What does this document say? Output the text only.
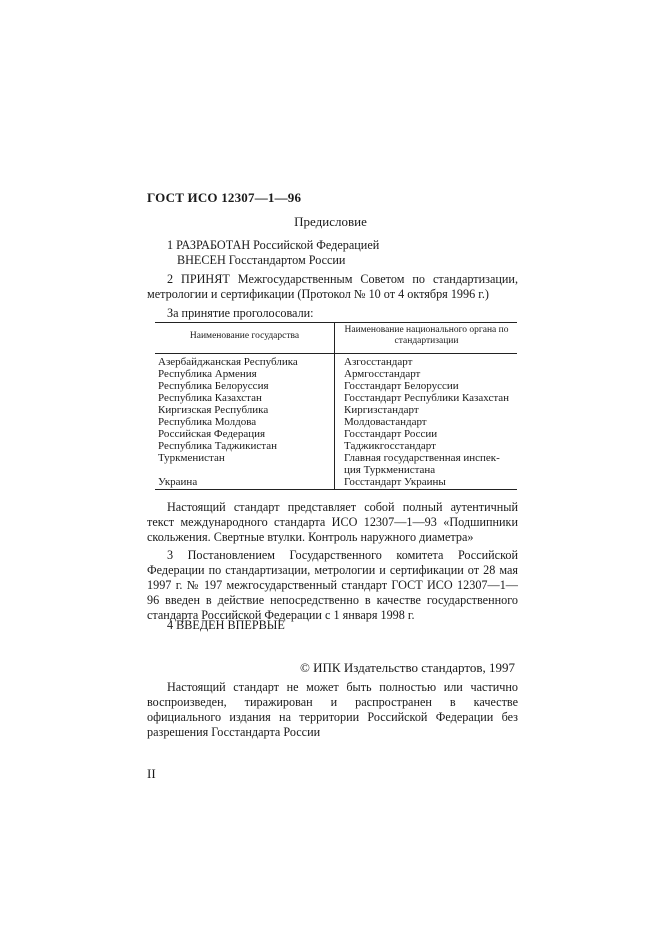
ГОСТ ИСО 12307—1—96
Предисловие

1 РАЗРАБОТАН Российской Федерацией

ВНЕСЕН Госстандартом России

2 ПРИНЯТ Межгосударственным Советом по стандартизации, метрологии и сертификации (Протокол № 10 от 4 октября 1996 г.)

За принятие проголосовали:

Наименование государства
Наименование национального органа по стандартизации
Азербайджанская Республика
Республика Армения
Республика Белоруссия
Республика Казахстан
Киргизская Республика
Республика Молдова
Российская Федерация
Республика Таджикистан
Туркменистан
Украина
Азгосстандарт
Армгосстандарт
Госстандарт Белоруссии
Госстандарт Республики Казахстан
Киргизстандарт
Молдовастандарт
Госстандарт России
Таджикгосстандарт
Главная государственная инспек-
ция Туркменистана
Госстандарт Украины

Настоящий стандарт представляет собой полный аутентичный текст международного стандарта ИСО 12307—1—93 «Подшипники скольжения. Свертные втулки. Контроль наружного диаметра»

3 Постановлением Государственного комитета Российской Федерации по стандартизации, метрологии и сертификации от 28 мая 1997 г. № 197 межгосударственный стандарт ГОСТ ИСО 12307—1—96 введен в действие непосредственно в качестве государственного стандарта Российской Федерации с 1 января 1998 г.

4 ВВЕДЕН ВПЕРВЫЕ

© ИПК Издательство стандартов, 1997

Настоящий стандарт не может быть полностью или частично воспроизведен, тиражирован и распространен в качестве официального издания на территории Российской Федерации без разрешения Госстандарта России

II
